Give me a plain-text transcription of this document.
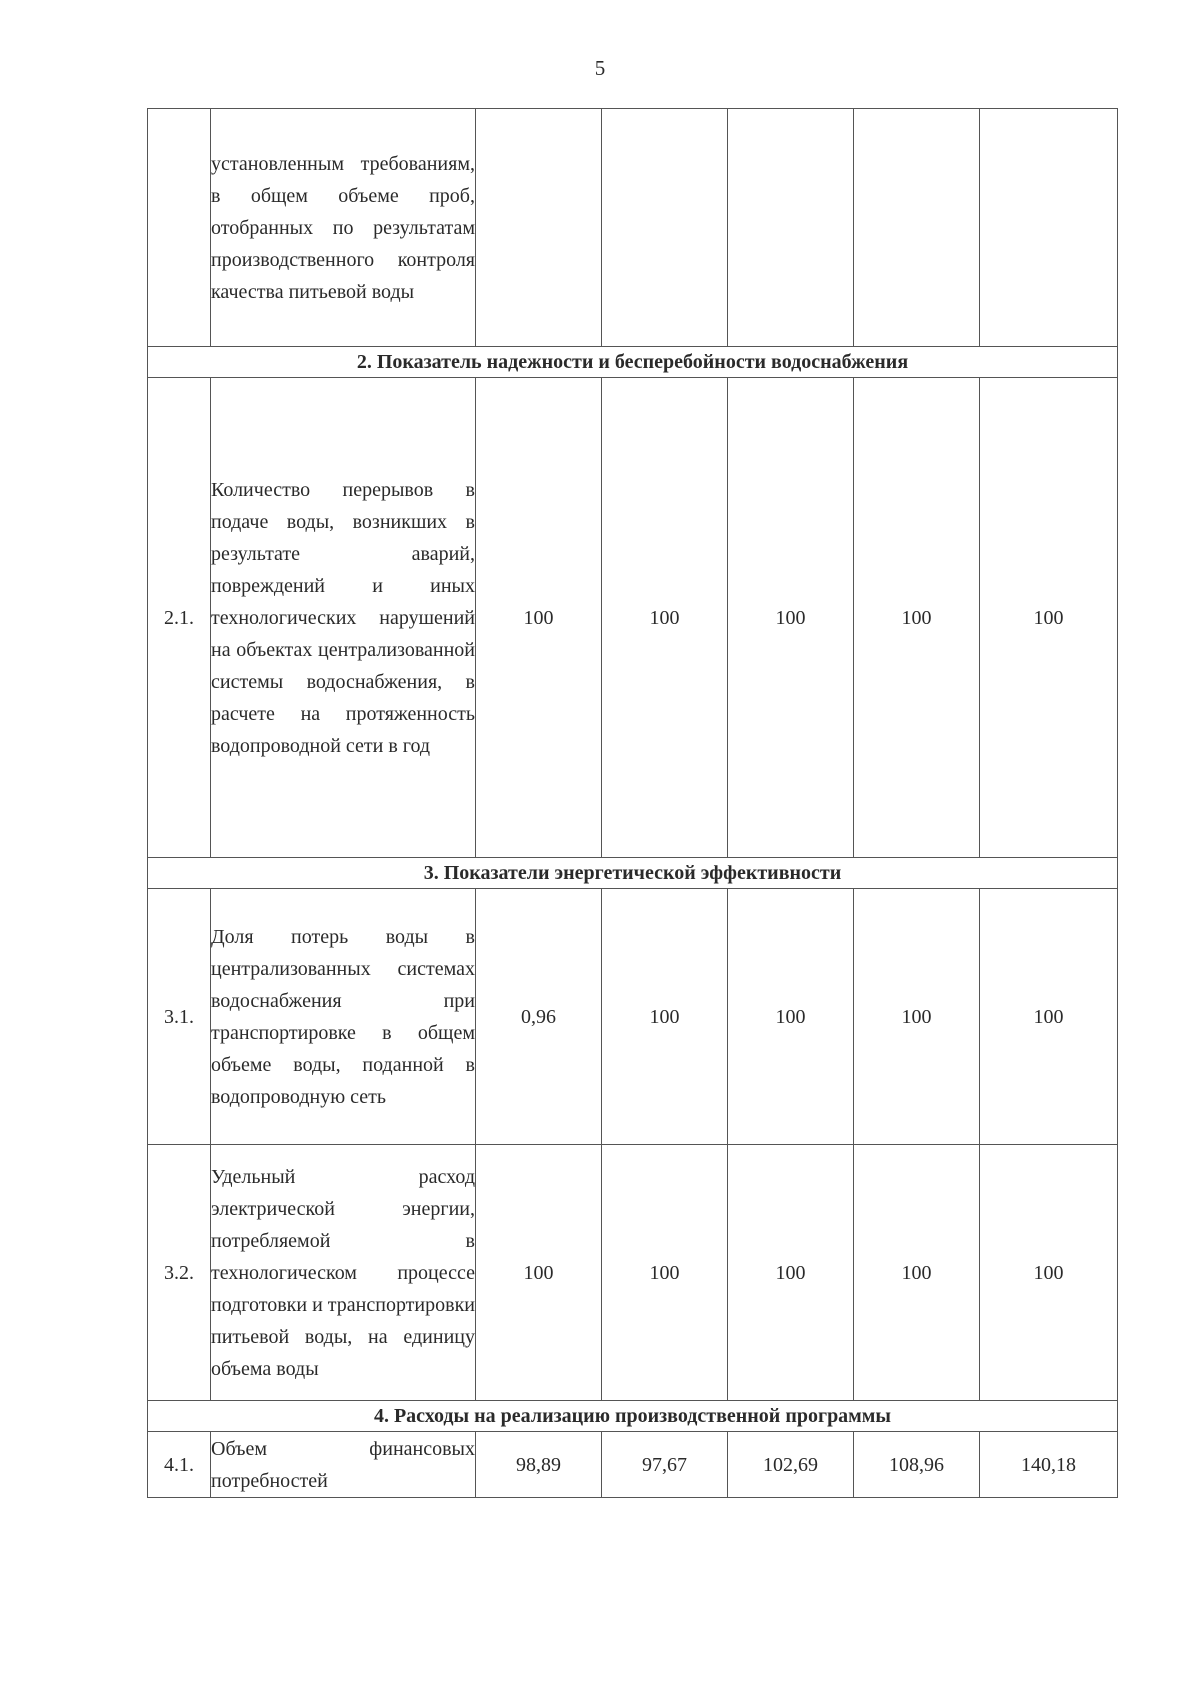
5

	установленным требованиям, в общем объеме проб, отобранных по результатам производственного контроля качества питьевой воды					

2. Показатель надежности и бесперебойности водоснабжения						
2.1.	Количество перерывов в подаче воды, возникших в результате аварий, повреждений и иных технологических нарушений на объектах централизованной системы водоснабжения, в расчете на протяженность водопроводной сети в год	100	100	100	100	100
3. Показатели энергетической эффективности						
3.1.	Доля потерь воды в централизованных системах водоснабжения при транспортировке в общем объеме воды, поданной в водопроводную сеть	0,96	100	100	100	100
3.2.	Удельный расход электрической энергии, потребляемой в технологическом процессе подготовки и транспортировки питьевой воды, на единицу объема воды	100	100	100	100	100
4. Расходы на реализацию производственной программы						
4.1.	Объем финансовых потребностей	98,89	97,67	102,69	108,96	140,18
